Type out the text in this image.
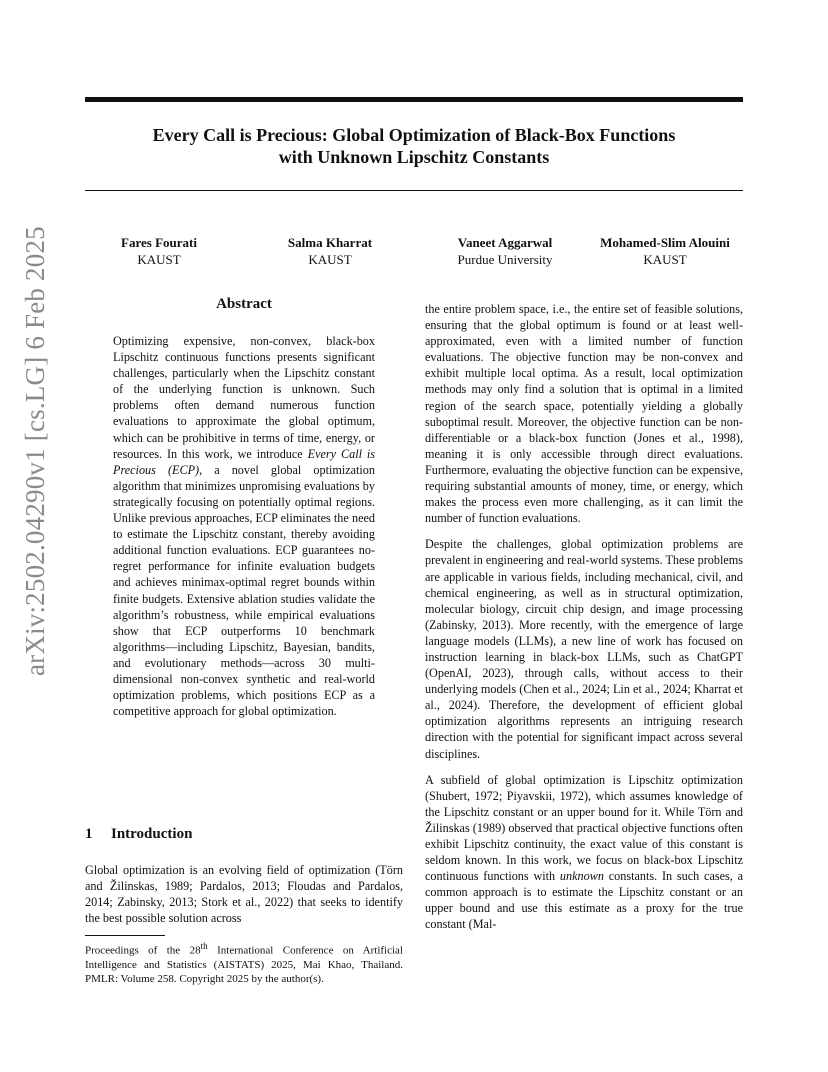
Every Call is Precious: Global Optimization of Black-Box Functions
with Unknown Lipschitz Constants
Fares Fourati
KAUST
Salma Kharrat
KAUST
Vaneet Aggarwal
Purdue University
Mohamed-Slim Alouini
KAUST
arXiv:2502.04290v1 [cs.LG] 6 Feb 2025	Abstract
Optimizing expensive, non-convex, black-box Lipschitz continuous functions presents significant challenges, particularly when the Lipschitz constant of the underlying function is unknown. Such problems often demand numerous function evaluations to approximate the global optimum, which can be prohibitive in terms of time, energy, or resources. In this work, we introduce Every Call is Precious (ECP), a novel global optimization algorithm that minimizes unpromising evaluations by strategically focusing on potentially optimal regions. Unlike previous approaches, ECP eliminates the need to estimate the Lipschitz constant, thereby avoiding additional function evaluations. ECP guarantees no-regret performance for infinite evaluation budgets and achieves minimax-optimal regret bounds within finite budgets. Extensive ablation studies validate the algorithm’s robustness, while empirical evaluations show that ECP outperforms 10 benchmark algorithms—including Lipschitz, Bayesian, bandits, and evolutionary methods—across 30 multi-dimensional non-convex synthetic and real-world optimization problems, which positions ECP as a competitive approach for global optimization.
1 Introduction
Global optimization is an evolving field of optimization (Törn and Žilinskas, 1989; Pardalos, 2013; Floudas and Pardalos, 2014; Zabinsky, 2013; Stork et al., 2022) that seeks to identify the best possible solution across
Proceedings of the 28th International Conference on Artificial Intelligence and Statistics (AISTATS) 2025, Mai Khao, Thailand. PMLR: Volume 258. Copyright 2025 by the author(s).

the entire problem space, i.e., the entire set of feasible solutions, ensuring that the global optimum is found or at least well-approximated, even with a limited number of function evaluations. The objective function may be non-convex and exhibit multiple local optima. As a result, local optimization methods may only find a solution that is optimal in a limited region of the search space, potentially yielding a globally suboptimal result. Moreover, the objective function can be non-differentiable or a black-box function (Jones et al., 1998), meaning it is only accessible through direct evaluations. Furthermore, evaluating the objective function can be expensive, requiring substantial amounts of money, time, or energy, which makes the process even more challenging, as it can limit the number of function evaluations.

Despite the challenges, global optimization problems are prevalent in engineering and real-world systems. These problems are applicable in various fields, including mechanical, civil, and chemical engineering, as well as in structural optimization, molecular biology, circuit chip design, and image processing (Zabinsky, 2013). More recently, with the emergence of large language models (LLMs), a new line of work has focused on instruction learning in black-box LLMs, such as ChatGPT (OpenAI, 2023), through calls, without access to their underlying models (Chen et al., 2024; Lin et al., 2024; Kharrat et al., 2024). Therefore, the development of efficient global optimization algorithms represents an intriguing research direction with the potential for significant impact across several disciplines.

A subfield of global optimization is Lipschitz optimization (Shubert, 1972; Piyavskii, 1972), which assumes knowledge of the Lipschitz constant or an upper bound for it. While Törn and Žilinskas (1989) observed that practical objective functions often exhibit Lipschitz continuity, the exact value of this constant is seldom known. In this work, we focus on black-box Lipschitz continuous functions with unknown constants. In such cases, a common approach is to estimate the Lipschitz constant or an upper bound and use this estimate as a proxy for the true constant (Mal-
